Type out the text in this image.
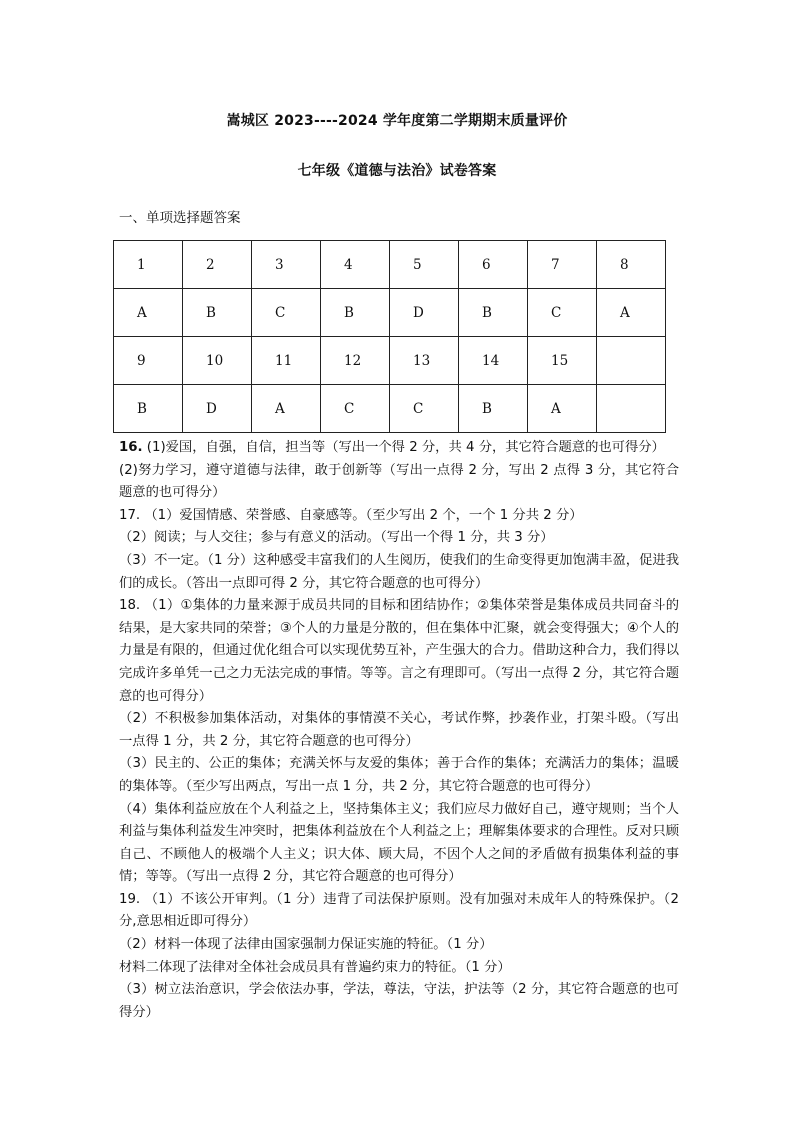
嵩城区 2023----2024 学年度第二学期期末质量评价
七年级《道德与法治》试卷答案
一、单项选择题答案
1	2	3	4	5	6	7	8
A	B	C	B	D	B	C	A
9	10	11	12	13	14	15	
B	D	A	C	C	B	A	

16. (1)爱国，自强，自信，担当等（写出一个得 2 分，共 4 分，其它符合题意的也可得分）

(2)努力学习，遵守道德与法律，敢于创新等（写出一点得 2 分，写出 2 点得 3 分，其它符合题意的也可得分）

17. （1）爱国情感、荣誉感、自豪感等。（至少写出 2 个，一个 1 分共 2 分）

（2）阅读；与人交往；参与有意义的活动。（写出一个得 1 分，共 3 分）

（3）不一定。（1 分）这种感受丰富我们的人生阅历，使我们的生命变得更加饱满丰盈，促进我们的成长。（答出一点即可得 2 分，其它符合题意的也可得分）

18. （1）①集体的力量来源于成员共同的目标和团结协作；②集体荣誉是集体成员共同奋斗的结果，是大家共同的荣誉；③个人的力量是分散的，但在集体中汇聚，就会变得强大；④个人的力量是有限的，但通过优化组合可以实现优势互补，产生强大的合力。借助这种合力，我们得以完成许多单凭一己之力无法完成的事情。等等。言之有理即可。（写出一点得 2 分，其它符合题意的也可得分）

（2）不积极参加集体活动，对集体的事情漠不关心，考试作弊，抄袭作业，打架斗殴。（写出一点得 1 分，共 2 分，其它符合题意的也可得分）

（3）民主的、公正的集体；充满关怀与友爱的集体；善于合作的集体；充满活力的集体；温暖的集体等。（至少写出两点，写出一点 1 分，共 2 分，其它符合题意的也可得分）

（4）集体利益应放在个人利益之上，坚持集体主义；我们应尽力做好自己，遵守规则；当个人利益与集体利益发生冲突时，把集体利益放在个人利益之上；理解集体要求的合理性。反对只顾自己、不顾他人的极端个人主义；识大体、顾大局，不因个人之间的矛盾做有损集体利益的事情；等等。（写出一点得 2 分，其它符合题意的也可得分）

19. （1）不该公开审判。（1 分）违背了司法保护原则。没有加强对未成年人的特殊保护。（2 分,意思相近即可得分）

（2）材料一体现了法律由国家强制力保证实施的特征。（1 分）

材料二体现了法律对全体社会成员具有普遍约束力的特征。（1 分）

（3）树立法治意识，学会依法办事，学法，尊法，守法，护法等（2 分，其它符合题意的也可得分）
